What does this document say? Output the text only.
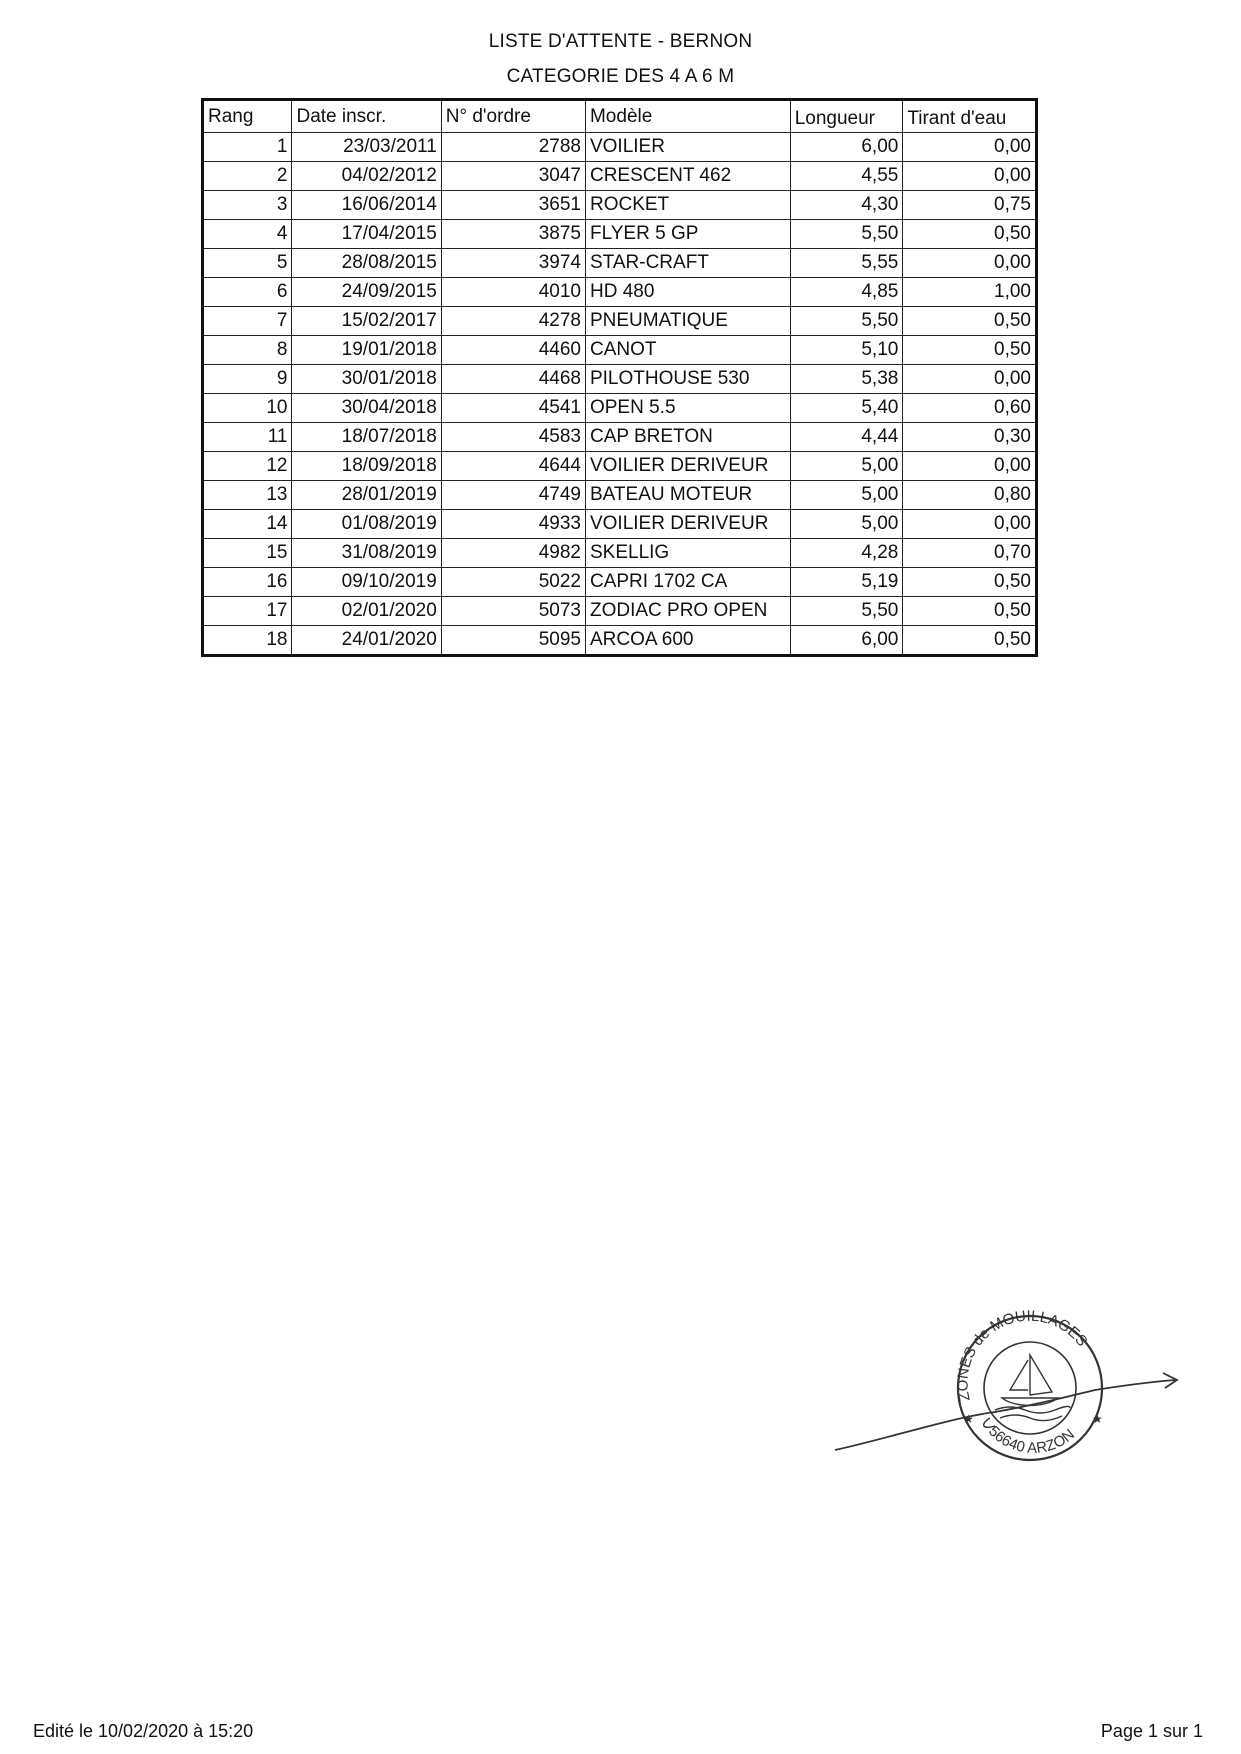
LISTE D'ATTENTE - BERNON
CATEGORIE DES 4 A 6 M
Rang	Date inscr.	N° d'ordre	Modèle	Longueur	Tirant d'eau
1	23/03/2011	2788	VOILIER	6,00	0,00
2	04/02/2012	3047	CRESCENT 462	4,55	0,00
3	16/06/2014	3651	ROCKET	4,30	0,75
4	17/04/2015	3875	FLYER 5 GP	5,50	0,50
5	28/08/2015	3974	STAR-CRAFT	5,55	0,00
6	24/09/2015	4010	HD 480	4,85	1,00
7	15/02/2017	4278	PNEUMATIQUE	5,50	0,50
8	19/01/2018	4460	CANOT	5,10	0,50
9	30/01/2018	4468	PILOTHOUSE 530	5,38	0,00
10	30/04/2018	4541	OPEN 5.5	5,40	0,60
11	18/07/2018	4583	CAP BRETON	4,44	0,30
12	18/09/2018	4644	VOILIER DERIVEUR	5,00	0,00
13	28/01/2019	4749	BATEAU MOTEUR	5,00	0,80
14	01/08/2019	4933	VOILIER DERIVEUR	5,00	0,00
15	31/08/2019	4982	SKELLIG	4,28	0,70
16	09/10/2019	5022	CAPRI 1702 CA	5,19	0,50
17	02/01/2020	5073	ZODIAC PRO OPEN	5,50	0,50
18	24/01/2020	5095	ARCOA 600	6,00	0,50
ZONES de MOUILLAGES
56640 ARZON
★	★
Edité le 10/02/2020 à 15:20	Page 1 sur 1
